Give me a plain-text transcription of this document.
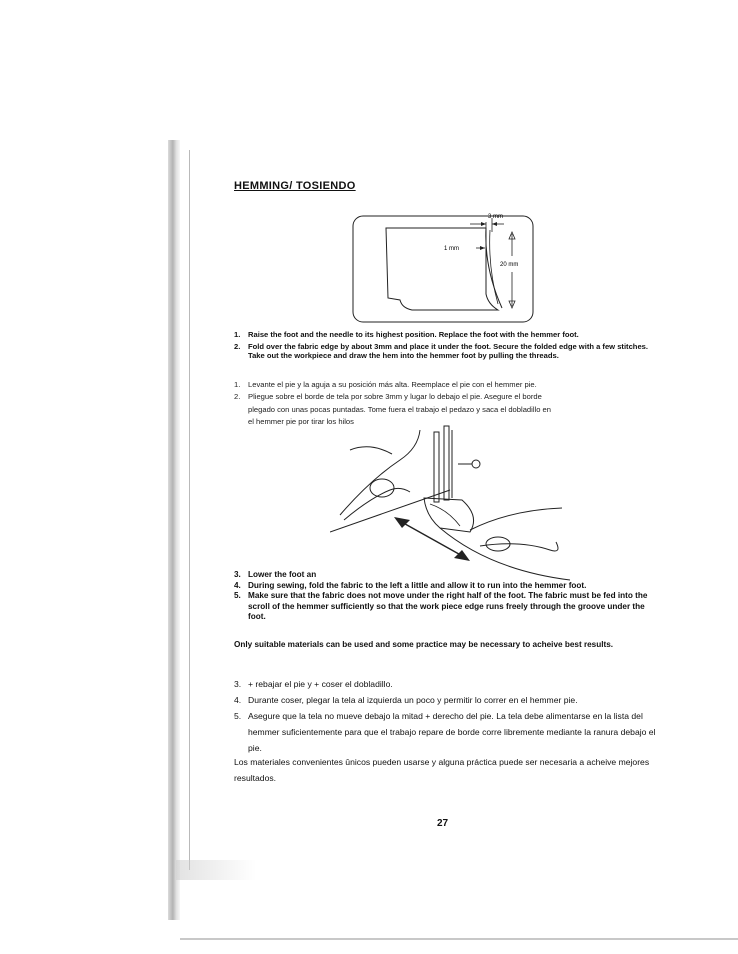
HEMMING/ TOSIENDO
3 mm
1 mm
20 mm
1. Raise the foot and the needle to its highest position. Replace the foot with the hemmer foot.
2. Fold over the fabric edge by about 3mm and place it under the foot. Secure the folded edge with a few stitches. Take out the workpiece and draw the hem into the hemmer foot by pulling the threads.
1. Levante el pie y la aguja a su posición más alta. Reemplace el pie con el hemmer pie.
2. Pliegue sobre el borde de tela por sobre 3mm y lugar lo debajo el pie. Asegure el borde plegado con unas pocas puntadas. Tome fuera el trabajo el pedazo y saca el dobladillo en el hemmer pie por tirar los hilos
3. Lower the foot an
4. During sewing, fold the fabric to the left a little and allow it to run into the hemmer foot.
5. Make sure that the fabric does not move under the right half of the foot. The fabric must be fed into the scroll of the hemmer sufficiently so that the work piece edge runs freely through the groove under the foot.

Only suitable materials can be used and some practice may be necessary to acheive best results.

3. + rebajar el pie y + coser el dobladillo.
4. Durante coser, plegar la tela al izquierda un poco y permitir lo correr en el hemmer pie.
5. Asegure que la tela no mueve debajo la mitad + derecho del pie. La tela debe alimentarse en la lista del hemmer suficientemente para que el trabajo repare de borde corre libremente mediante la ranura debajo el pie.

Los materiales convenientes ûnicos pueden usarse y alguna práctica puede ser necesaria a acheive mejores resultados.

27
